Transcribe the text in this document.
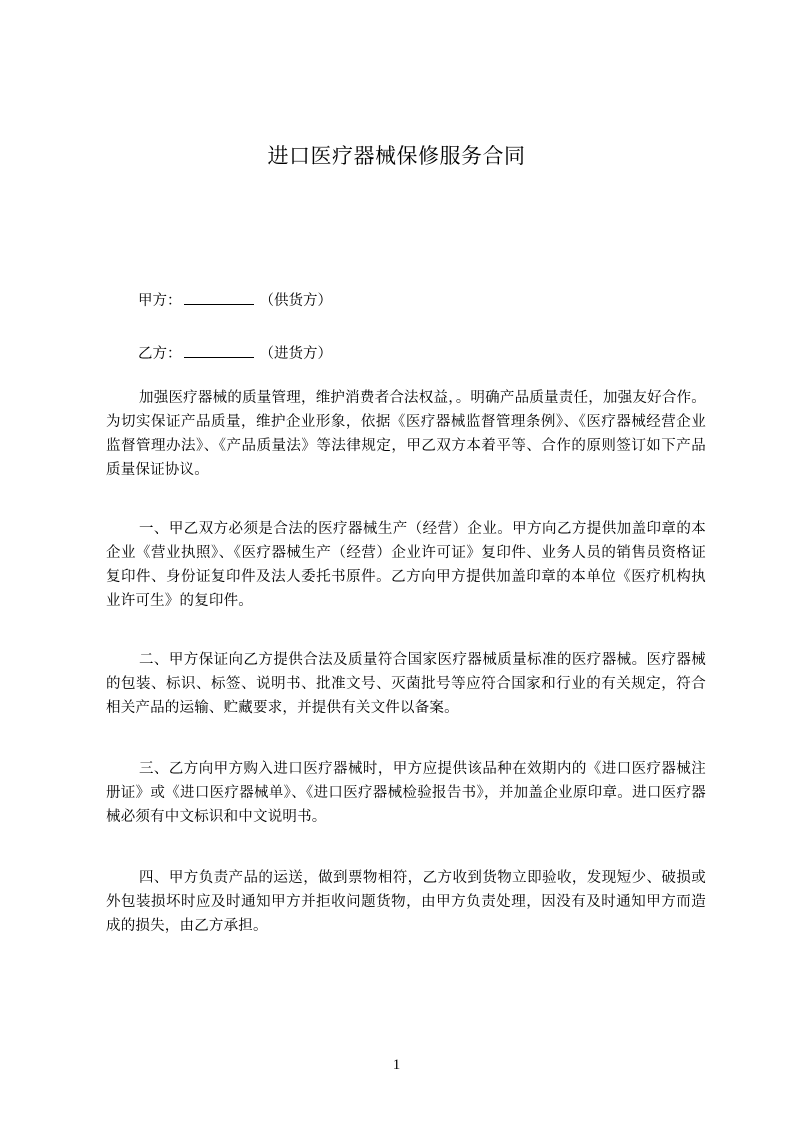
进口医疗器械保修服务合同
甲方：	（供货方）
乙方：	（进货方）

加强医疗器械的质量管理，维护消费者合法权益，。明确产品质量责任，加强友好合作。为切实保证产品质量，维护企业形象，依据《医疗器械监督管理条例》、《医疗器械经营企业监督管理办法》、《产品质量法》等法律规定，甲乙双方本着平等、合作的原则签订如下产品质量保证协议。

一、甲乙双方必须是合法的医疗器械生产（经营）企业。甲方向乙方提供加盖印章的本企业《营业执照》、《医疗器械生产（经营）企业许可证》复印件、业务人员的销售员资格证复印件、身份证复印件及法人委托书原件。乙方向甲方提供加盖印章的本单位《医疗机构执业许可生》的复印件。

二、甲方保证向乙方提供合法及质量符合国家医疗器械质量标准的医疗器械。医疗器械的包装、标识、标签、说明书、批准文号、灭菌批号等应符合国家和行业的有关规定，符合相关产品的运输、贮藏要求，并提供有关文件以备案。

三、乙方向甲方购入进口医疗器械时，甲方应提供该品种在效期内的《进口医疗器械注册证》或《进口医疗器械单》、《进口医疗器械检验报告书》，并加盖企业原印章。进口医疗器械必须有中文标识和中文说明书。

四、甲方负责产品的运送，做到票物相符，乙方收到货物立即验收，发现短少、破损或外包装损坏时应及时通知甲方并拒收问题货物，由甲方负责处理，因没有及时通知甲方而造成的损失，由乙方承担。

1
